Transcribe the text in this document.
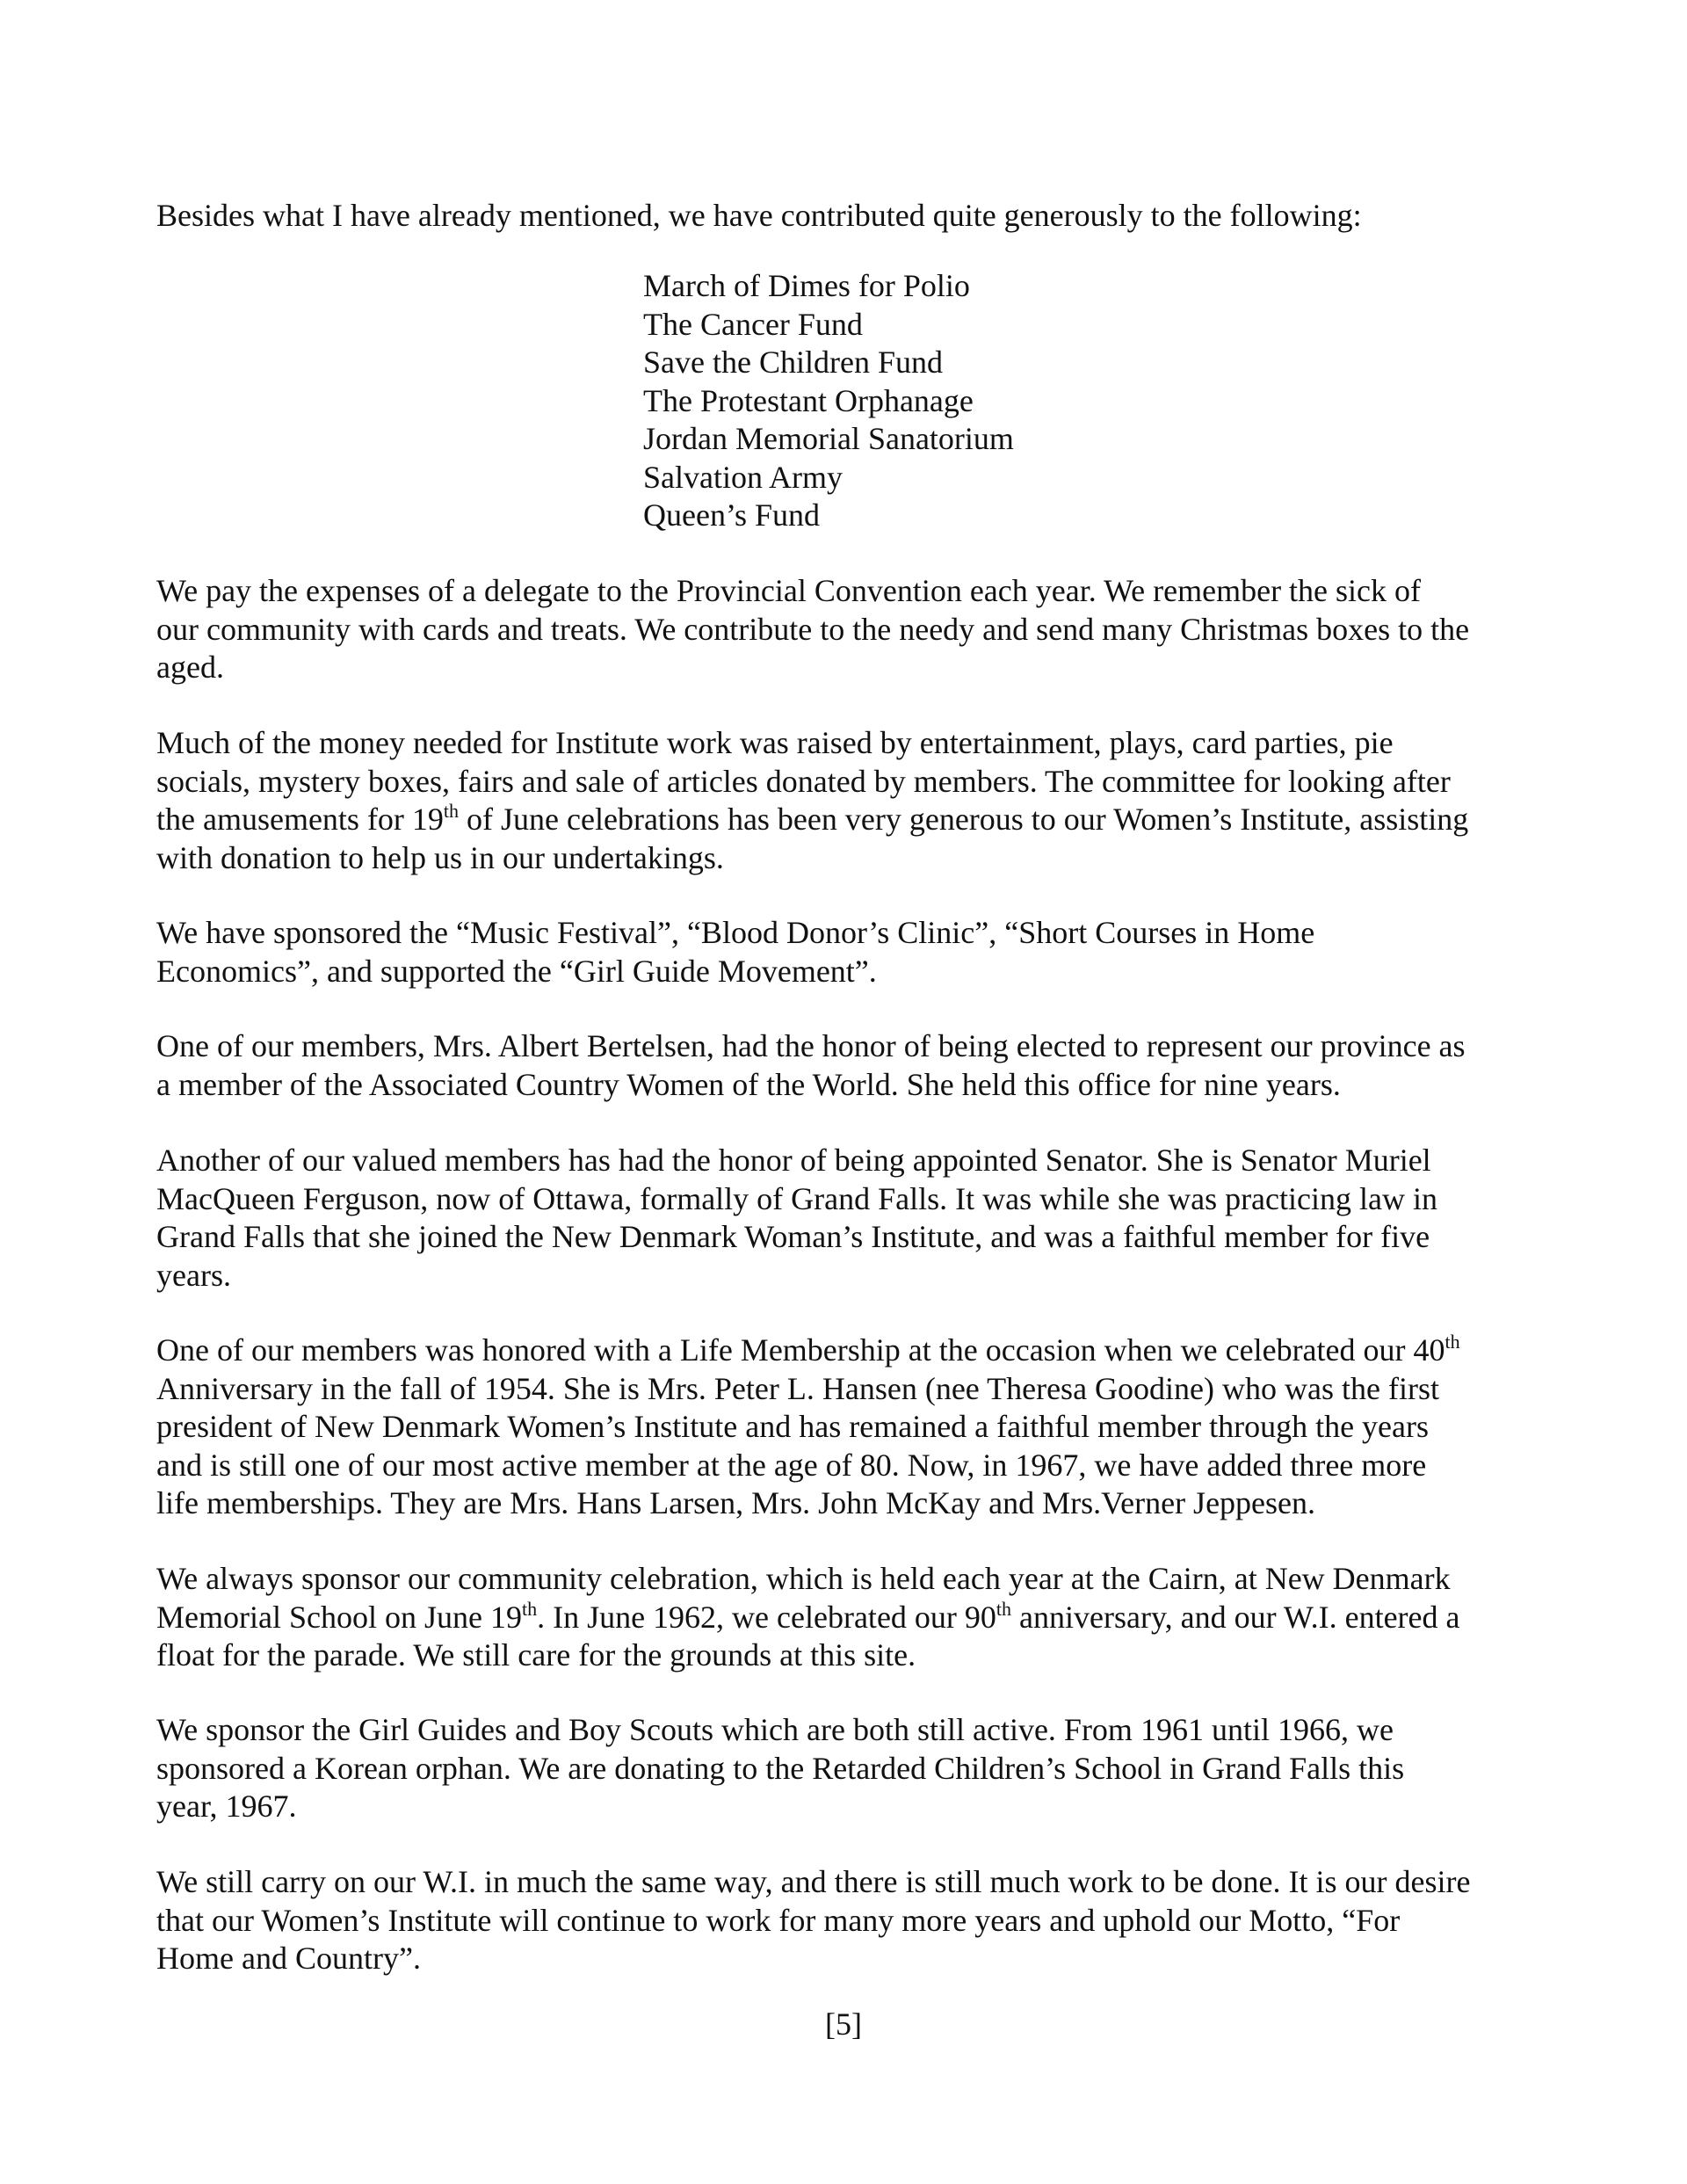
Besides what I have already mentioned, we have contributed quite generously to the following:

March of Dimes for Polio
The Cancer Fund
Save the Children Fund
The Protestant Orphanage
Jordan Memorial Sanatorium
Salvation Army
Queen’s Fund

We pay the expenses of a delegate to the Provincial Convention each year. We remember the sick of
our community with cards and treats. We contribute to the needy and send many Christmas boxes to the
aged.

Much of the money needed for Institute work was raised by entertainment, plays, card parties, pie
socials, mystery boxes, fairs and sale of articles donated by members. The committee for looking after
the amusements for 19th of June celebrations has been very generous to our Women’s Institute, assisting
with donation to help us in our undertakings.

We have sponsored the “Music Festival”, “Blood Donor’s Clinic”, “Short Courses in Home
Economics”, and supported the “Girl Guide Movement”.

One of our members, Mrs. Albert Bertelsen, had the honor of being elected to represent our province as
a member of the Associated Country Women of the World. She held this office for nine years.

Another of our valued members has had the honor of being appointed Senator. She is Senator Muriel
MacQueen Ferguson, now of Ottawa, formally of Grand Falls. It was while she was practicing law in
Grand Falls that she joined the New Denmark Woman’s Institute, and was a faithful member for five
years.

One of our members was honored with a Life Membership at the occasion when we celebrated our 40th
Anniversary in the fall of 1954. She is Mrs. Peter L. Hansen (nee Theresa Goodine) who was the first
president of New Denmark Women’s Institute and has remained a faithful member through the years
and is still one of our most active member at the age of 80. Now, in 1967, we have added three more
life memberships. They are Mrs. Hans Larsen, Mrs. John McKay and Mrs.Verner Jeppesen.

We always sponsor our community celebration, which is held each year at the Cairn, at New Denmark
Memorial School on June 19th. In June 1962, we celebrated our 90th anniversary, and our W.I. entered a
float for the parade. We still care for the grounds at this site.

We sponsor the Girl Guides and Boy Scouts which are both still active. From 1961 until 1966, we
sponsored a Korean orphan. We are donating to the Retarded Children’s School in Grand Falls this
year, 1967.

We still carry on our W.I. in much the same way, and there is still much work to be done. It is our desire
that our Women’s Institute will continue to work for many more years and uphold our Motto, “For
Home and Country”.

[5]
